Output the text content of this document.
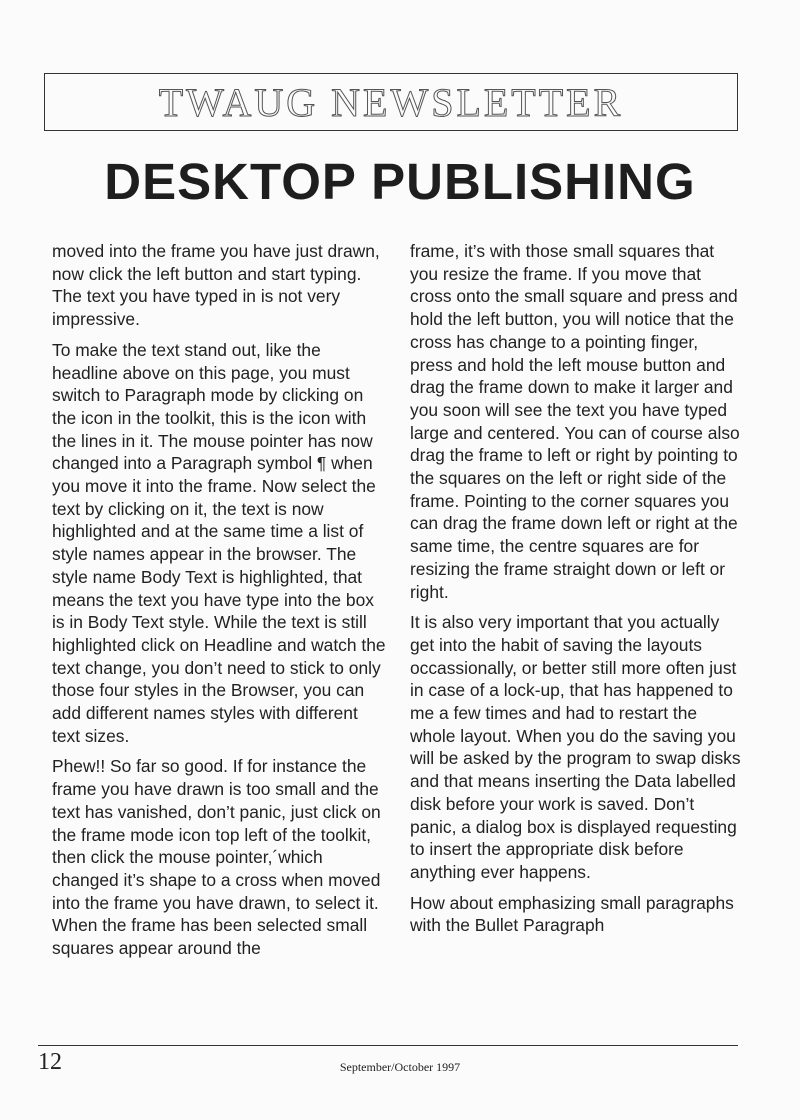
TWAUG NEWSLETTER
DESKTOP PUBLISHING

moved into the frame you have just drawn, now click the left button and start typing. The text you have typed in is not very impressive.

To make the text stand out, like the headline above on this page, you must switch to Paragraph mode by clicking on the icon in the toolkit, this is the icon with the lines in it. The mouse pointer has now changed into a Paragraph symbol ¶ when you move it into the frame. Now select the text by clicking on it, the text is now highlighted and at the same time a list of style names appear in the browser. The style name Body Text is highlighted, that means the text you have type into the box is in Body Text style. While the text is still highlighted click on Headline and watch the text change, you don’t need to stick to only those four styles in the Browser, you can add different names styles with different text sizes.

Phew!! So far so good. If for instance the frame you have drawn is too small and the text has vanished, don’t panic, just click on the frame mode icon top left of the toolkit, then click the mouse pointer,´which changed it’s shape to a cross when moved into the frame you have drawn, to select it. When the frame has been selected small squares appear around the

frame, it’s with those small squares that you resize the frame. If you move that cross onto the small square and press and hold the left button, you will notice that the cross has change to a pointing finger, press and hold the left mouse button and drag the frame down to make it larger and you soon will see the text you have typed large and centered. You can of course also drag the frame to left or right by pointing to the squares on the left or right side of the frame. Pointing to the corner squares you can drag the frame down left or right at the same time, the centre squares are for resizing the frame straight down or left or right.

It is also very important that you actually get into the habit of saving the layouts occassionally, or better still more often just in case of a lock-up, that has happened to me a few times and had to restart the whole layout. When you do the saving you will be asked by the program to swap disks and that means inserting the Data labelled disk before your work is saved. Don’t panic, a dialog box is displayed requesting to insert the appropriate disk before anything ever happens.

How about emphasizing small paragraphs with the Bullet Paragraph

12	September/October 1997
